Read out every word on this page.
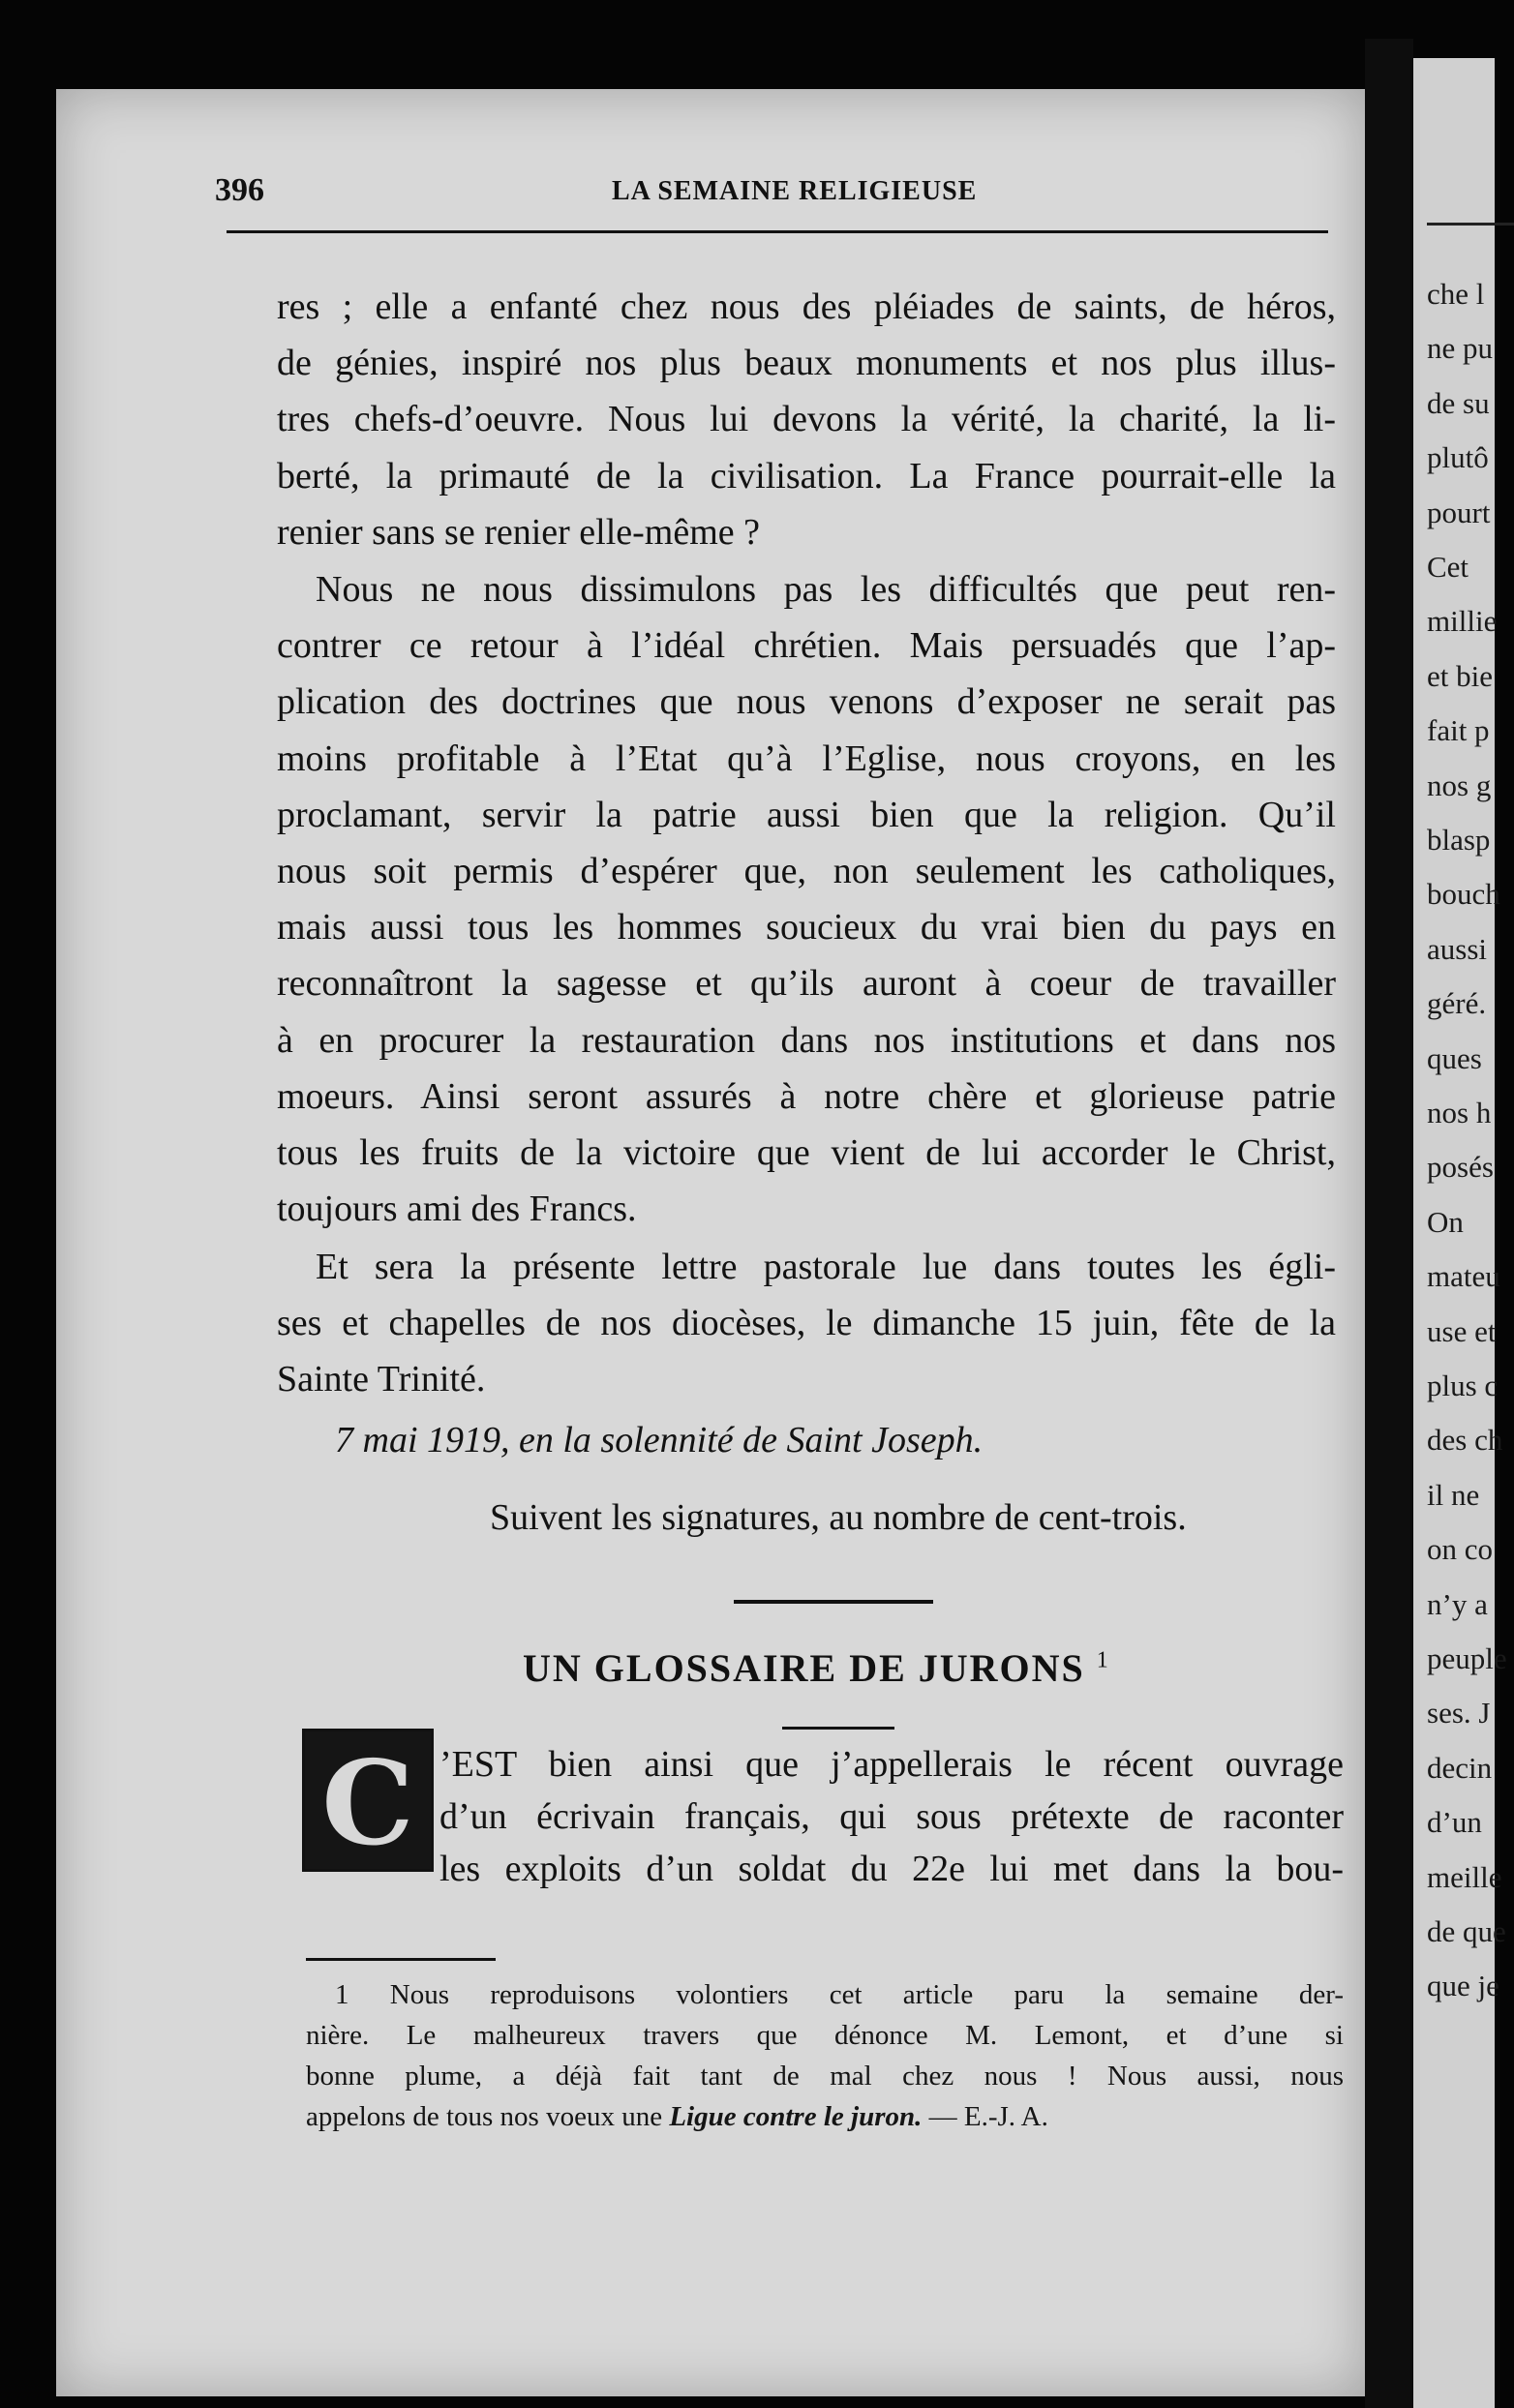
che l
ne pu
de su
plutô
pourt
Cet
millie
et bie
fait p
nos g
blasp
bouch
aussi
géré.
ques
nos h
posés
On
mateu
use et
plus c
des ch
il ne
on co
n’y a
peuple
ses. J
decin
d’un
meille
de que
que je
396	LA SEMAINE RELIGIEUSE
res ; elle a enfanté chez nous des pléiades de saints, de héros,
de génies, inspiré nos plus beaux monuments et nos plus illus-
tres chefs-d’oeuvre. Nous lui devons la vérité, la charité, la li-
berté, la primauté de la civilisation. La France pourrait-elle la
renier sans se renier elle-même ?
Nous ne nous dissimulons pas les difficultés que peut ren-
contrer ce retour à l’idéal chrétien. Mais persuadés que l’ap-
plication des doctrines que nous venons d’exposer ne serait pas
moins profitable à l’Etat qu’à l’Eglise, nous croyons, en les
proclamant, servir la patrie aussi bien que la religion. Qu’il
nous soit permis d’espérer que, non seulement les catholiques,
mais aussi tous les hommes soucieux du vrai bien du pays en
reconnaîtront la sagesse et qu’ils auront à coeur de travailler
à en procurer la restauration dans nos institutions et dans nos
moeurs. Ainsi seront assurés à notre chère et glorieuse patrie
tous les fruits de la victoire que vient de lui accorder le Christ,
toujours ami des Francs.
Et sera la présente lettre pastorale lue dans toutes les égli-
ses et chapelles de nos diocèses, le dimanche 15 juin, fête de la
Sainte Trinité.
7 mai 1919, en la solennité de Saint Joseph.
Suivent les signatures, au nombre de cent-trois.
UN GLOSSAIRE DE JURONS $^1$
C ’EST bien ainsi que j’appellerais le récent ouvrage
d’un écrivain français, qui sous prétexte de raconter
les exploits d’un soldat du 22e lui met dans la bou-
1 Nous reproduisons volontiers cet article paru la semaine der-
nière. Le malheureux travers que dénonce M. Lemont, et d’une si
bonne plume, a déjà fait tant de mal chez nous ! Nous aussi, nous
appelons de tous nos voeux une Ligue contre le juron. — E.-J. A.
